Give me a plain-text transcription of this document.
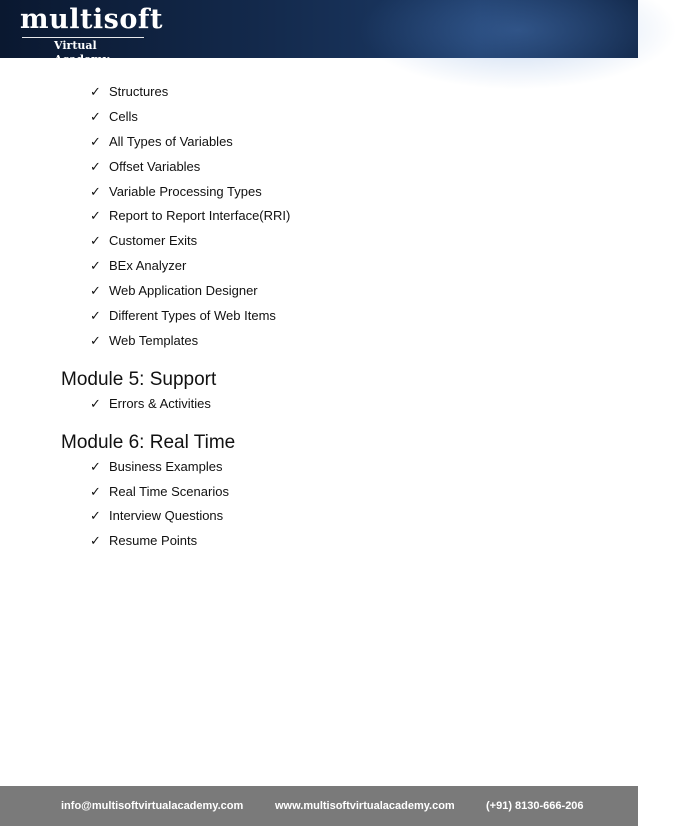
multisoft
Virtual Academy
✓ Structures
✓ Cells
✓ All Types of Variables
✓ Offset Variables
✓ Variable Processing Types
✓ Report to Report Interface(RRI)
✓ Customer Exits
✓ BEx Analyzer
✓ Web Application Designer
✓ Different Types of Web Items
✓ Web Templates
Module 5: Support
✓ Errors & Activities
Module 6: Real Time
✓ Business Examples
✓ Real Time Scenarios
✓ Interview Questions
✓ Resume Points
info@multisoftvirtualacademy.com	www.multisoftvirtualacademy.com	(+91) 8130-666-206
